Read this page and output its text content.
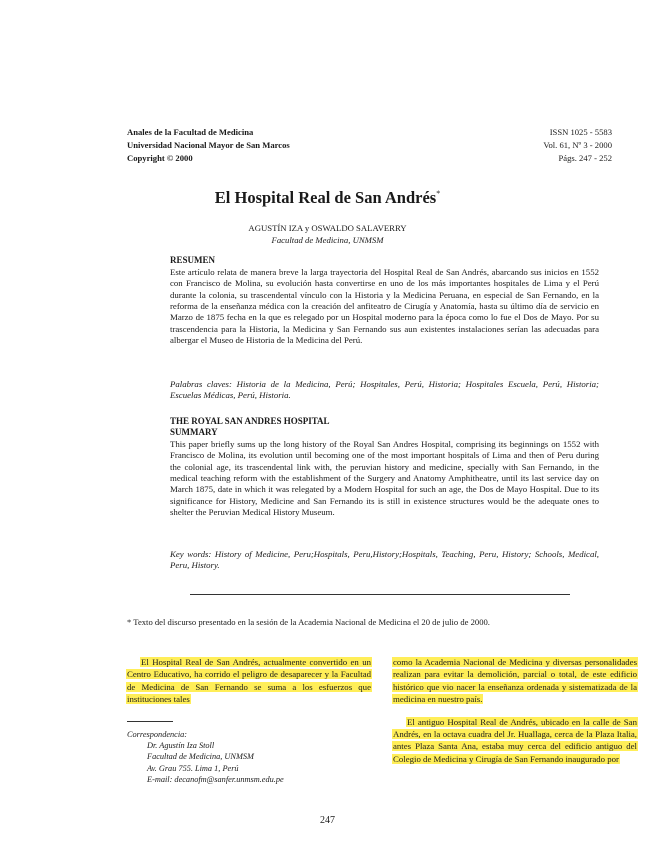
Anales de la Facultad de Medicina
Universidad Nacional Mayor de San Marcos
Copyright © 2000
ISSN 1025 - 5583
Vol. 61, Nº 3 - 2000
Págs. 247 - 252
El Hospital Real de San Andrés*
AGUSTÍN IZA y OSWALDO SALAVERRY
Facultad de Medicina, UNMSM
RESUMEN
Este artículo relata de manera breve la larga trayectoria del Hospital Real de San Andrés, abarcando sus inicios en 1552 con Francisco de Molina, su evolución hasta convertirse en uno de los más importantes hospitales de Lima y el Perú durante la colonia, su trascendental vínculo con la Historia y la Medicina Peruana, en especial de San Fernando, en la reforma de la enseñanza médica con la creación del anfiteatro de Cirugía y Anatomía, hasta su último día de servicio en Marzo de 1875 fecha en la que es relegado por un Hospital moderno para la época como lo fue el Dos de Mayo. Por su trascendencia para la Historia, la Medicina y San Fernando sus aun existentes instalaciones serían las adecuadas para albergar el Museo de Historia de la Medicina del Perú.
Palabras claves: Historia de la Medicina, Perú; Hospitales, Perú, Historia; Hospitales Escuela, Perú, Historia; Escuelas Médicas, Perú, Historia.
THE ROYAL SAN ANDRES HOSPITAL
SUMMARY
This paper briefly sums up the long history of the Royal San Andres Hospital, comprising its beginnings on 1552 with Francisco de Molina, its evolution until becoming one of the most important hospitals of Lima and then of Peru during the colonial age, its trascendental link with, the peruvian history and medicine, specially with San Fernando, in the medical teaching reform with the establishment of the Surgery and Anatomy Amphitheatre, until its last service day on March 1875, date in which it was relegated by a Modern Hospital for such an age, the Dos de Mayo Hospital. Due to its significance for History, Medicine and San Fernando its is still in existence structures would be the adequate ones to shelter the Peruvian Medical History Museum.
Key words: History of Medicine, Peru;Hospitals, Peru,History;Hospitals, Teaching, Peru, History; Schools, Medical, Peru, History.
* Texto del discurso presentado en la sesión de la Academia Nacional de Medicina el 20 de julio de 2000.

El Hospital Real de San Andrés, actualmente convertido en un Centro Educativo, ha corrido el peligro de desaparecer y la Facultad de Medicina de San Fernando se suma a los esfuerzos que instituciones tales

como la Academia Nacional de Medicina y diversas personalidades realizan para evitar la demolición, parcial o total, de este edificio histórico que vio nacer la enseñanza ordenada y sistematizada de la medicina en nuestro país.

El antiguo Hospital Real de Andrés, ubicado en la calle de San Andrés, en la octava cuadra del Jr. Huallaga, cerca de la Plaza Italia, antes Plaza Santa Ana, estaba muy cerca del edificio antiguo del Colegio de Medicina y Cirugía de San Fernando inaugurado por

Correspondencia:
Dr. Agustín Iza Stoll
Facultad de Medicina, UNMSM
Av. Grau 755. Lima 1, Perú
E-mail: decanofm@sanfer.unmsm.edu.pe
247
